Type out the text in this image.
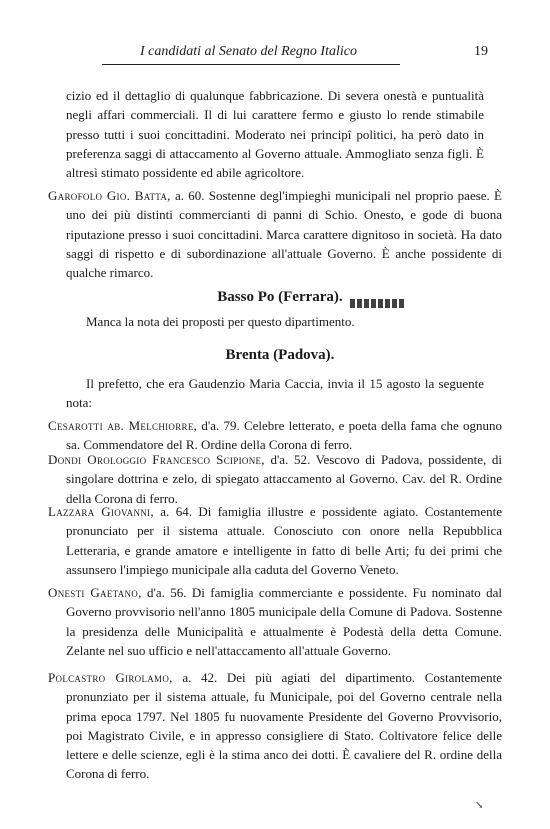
I candidati al Senato del Regno Italico	19
cizio ed il dettaglio di qualunque fabbricazione. Di severa onestà e puntualità negli affari commerciali. Il di lui carattere fermo e giusto lo rende stimabile presso tutti i suoi concittadini. Moderato nei principî politici, ha però dato in preferenza saggi di attaccamento al Governo attuale. Ammogliato senza figli. È altresì stimato possidente ed abile agricoltore.
Garofolo Gio. Batta, a. 60. Sostenne degl'impieghi municipali nel proprio paese. È uno dei più distinti commercianti di panni di Schio. Onesto, e gode di buona riputazione presso i suoi concittadini. Marca carattere dignitoso in società. Ha dato saggi di rispetto e di subordinazione all'attuale Governo. È anche possidente di qualche rimarco.
Basso Po (Ferrara).
Manca la nota dei proposti per questo dipartimento.
Brenta (Padova).
Il prefetto, che era Gaudenzio Maria Caccia, invia il 15 agosto la seguente nota:
Cesarotti ab. Melchiorre, d'a. 79. Celebre letterato, e poeta della fama che ognuno sa. Commendatore del R. Ordine della Corona di ferro.
Dondi Orologgio Francesco Scipione, d'a. 52. Vescovo di Padova, possidente, di singolare dottrina e zelo, di spiegato attaccamento al Governo. Cav. del R. Ordine della Corona di ferro.
Lazzara Giovanni, a. 64. Di famiglia illustre e possidente agiato. Costantemente pronunciato per il sistema attuale. Conosciuto con onore nella Repubblica Letteraria, e grande amatore e intelligente in fatto di belle Arti; fu dei primi che assunsero l'impiego municipale alla caduta del Governo Veneto.
Onesti Gaetano, d'a. 56. Di famiglia commerciante e possidente. Fu nominato dal Governo provvisorio nell'anno 1805 municipale della Comune di Padova. Sostenne la presidenza delle Municipalità e attualmente è Podestà della detta Comune. Zelante nel suo ufficio e nell'attaccamento all'attuale Governo.
Polcastro Girolamo, a. 42. Dei più agiati del dipartimento. Costantemente pronunziato per il sistema attuale, fu Municipale, poi del Governo centrale nella prima epoca 1797. Nel 1805 fu nuovamente Presidente del Governo Provvisorio, poi Magistrato Civile, e in appresso consigliere di Stato. Coltivatore felice delle lettere e delle scienze, egli è la stima anco dei dotti. È cavaliere del R. ordine della Corona di ferro.
↘
